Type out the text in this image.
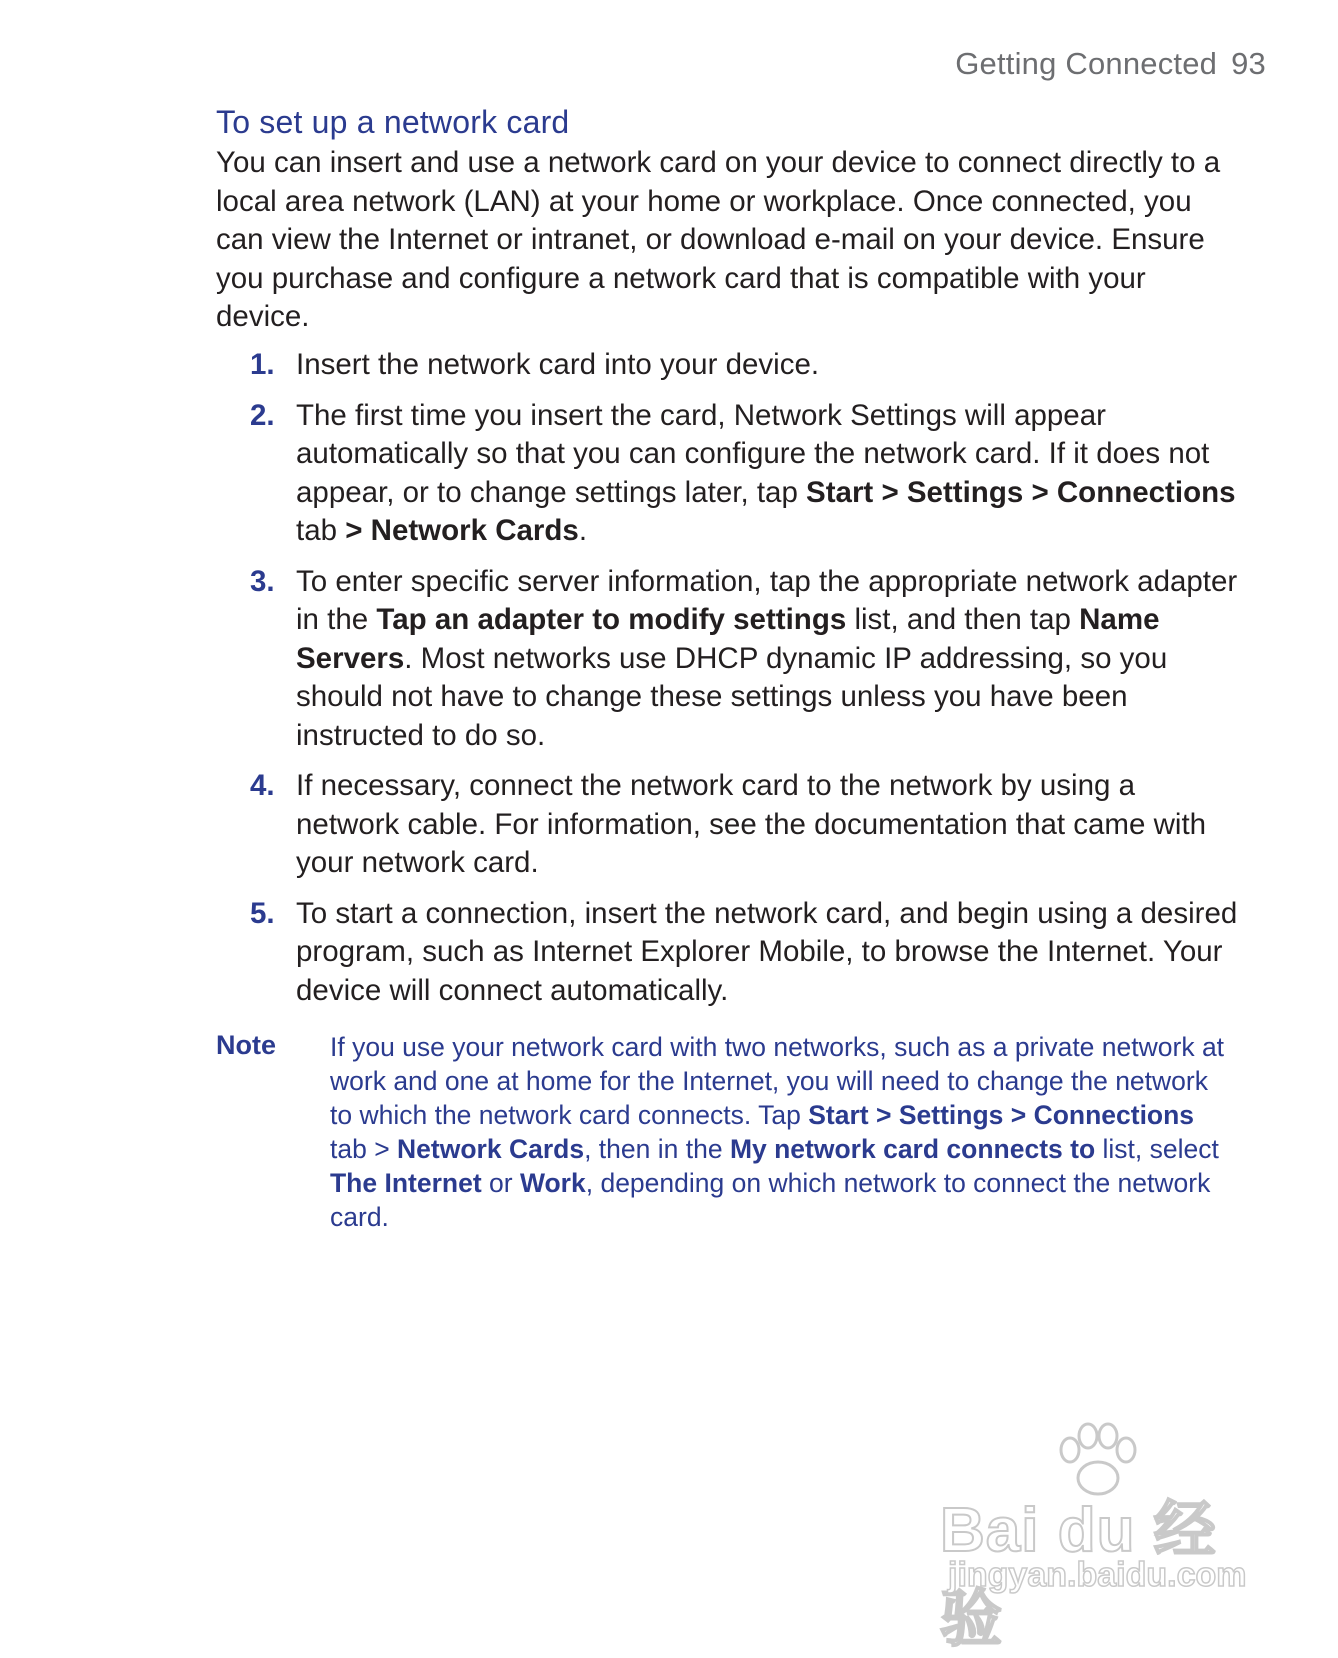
Getting Connected 93
To set up a network card

You can insert and use a network card on your device to connect directly to a local area network (LAN) at your home or workplace. Once connected, you can view the Internet or intranet, or download e-mail on your device. Ensure you purchase and configure a network card that is compatible with your device.

1. Insert the network card into your device.
2. The first time you insert the card, Network Settings will appear automatically so that you can configure the network card. If it does not appear, or to change settings later, tap Start > Settings > Connections tab > Network Cards.
3. To enter specific server information, tap the appropriate network adapter in the Tap an adapter to modify settings list, and then tap Name Servers. Most networks use DHCP dynamic IP addressing, so you should not have to change these settings unless you have been instructed to do so.
4. If necessary, connect the network card to the network by using a network cable. For information, see the documentation that came with your network card.
5. To start a connection, insert the network card, and begin using a desired program, such as Internet Explorer Mobile, to browse the Internet. Your device will connect automatically.
Note If you use your network card with two networks, such as a private network at work and one at home for the Internet, you will need to change the network to which the network card connects. Tap Start > Settings > Connections tab > Network Cards, then in the My network card connects to list, select The Internet or Work, depending on which network to connect the network card.
Bai du 经验
jingyan.baidu.com
